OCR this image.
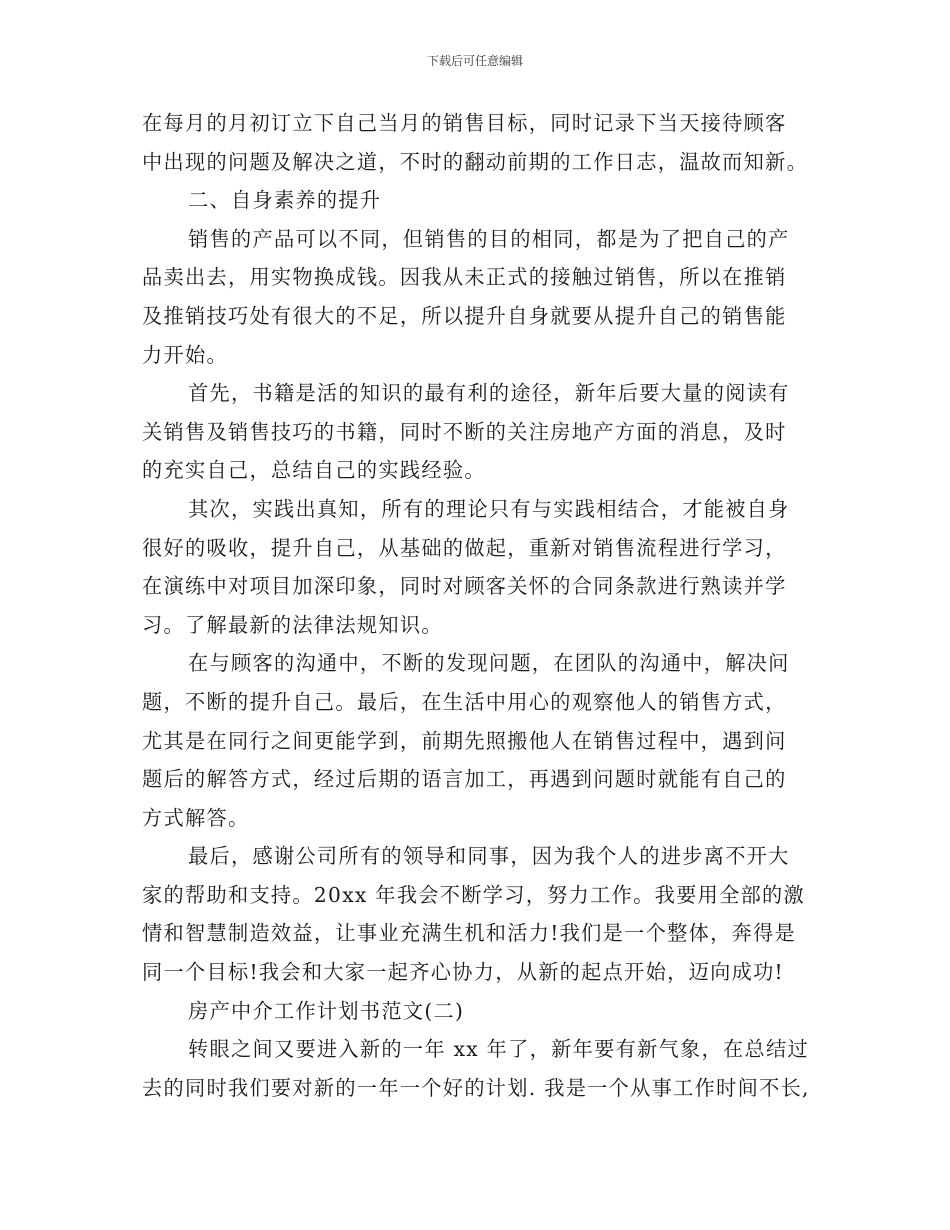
下载后可任意编辑
在每月的月初订立下自己当月的销售目标，同时记录下当天接待顾客
中出现的问题及解决之道，不时的翻动前期的工作日志，温故而知新。
二、自身素养的提升
销售的产品可以不同，但销售的目的相同，都是为了把自己的产
品卖出去，用实物换成钱。因我从未正式的接触过销售，所以在推销
及推销技巧处有很大的不足，所以提升自身就要从提升自己的销售能
力开始。
首先，书籍是活的知识的最有利的途径，新年后要大量的阅读有
关销售及销售技巧的书籍，同时不断的关注房地产方面的消息，及时
的充实自己，总结自己的实践经验。
其次，实践出真知，所有的理论只有与实践相结合，才能被自身
很好的吸收，提升自己，从基础的做起，重新对销售流程进行学习，
在演练中对项目加深印象，同时对顾客关怀的合同条款进行熟读并学
习。了解最新的法律法规知识。
在与顾客的沟通中，不断的发现问题，在团队的沟通中，解决问
题，不断的提升自己。最后，在生活中用心的观察他人的销售方式，
尤其是在同行之间更能学到，前期先照搬他人在销售过程中，遇到问
题后的解答方式，经过后期的语言加工，再遇到问题时就能有自己的
方式解答。
最后，感谢公司所有的领导和同事，因为我个人的进步离不开大
家的帮助和支持。20xx 年我会不断学习，努力工作。我要用全部的激
情和智慧制造效益，让事业充满生机和活力!我们是一个整体，奔得是
同一个目标!我会和大家一起齐心协力，从新的起点开始，迈向成功!
房产中介工作计划书范文(二)
转眼之间又要进入新的一年 xx 年了，新年要有新气象，在总结过
去的同时我们要对新的一年一个好的计划. 我是一个从事工作时间不长,
